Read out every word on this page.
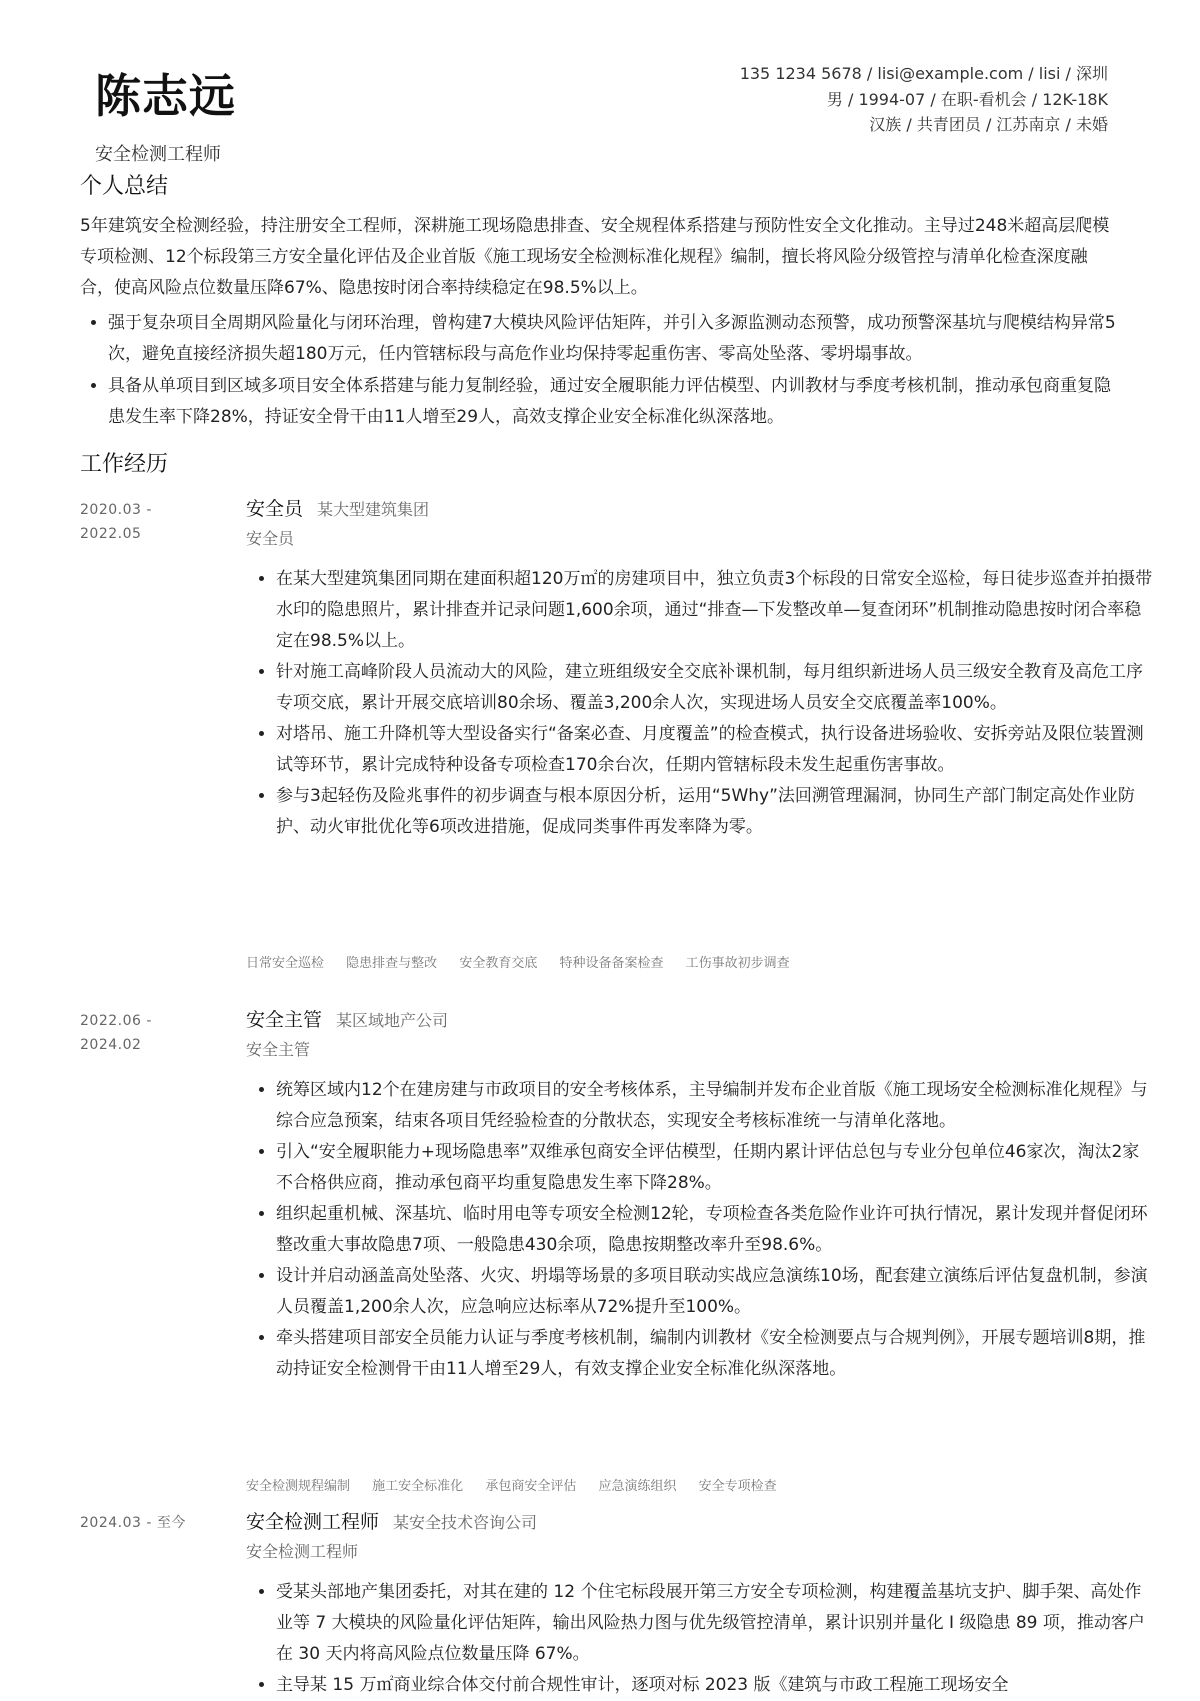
陈志远
安全检测工程师
135 1234 5678 / lisi@example.com / lisi / 深圳
男 / 1994-07 / 在职-看机会 / 12K-18K
汉族 / 共青团员 / 江苏南京 / 未婚
个人总结

5年建筑安全检测经验，持注册安全工程师，深耕施工现场隐患排查、安全规程体系搭建与预防性安全文化推动。主导过248米超高层爬模专项检测、12个标段第三方安全量化评估及企业首版《施工现场安全检测标准化规程》编制，擅长将风险分级管控与清单化检查深度融合，使高风险点位数量压降67%、隐患按时闭合率持续稳定在98.5%以上。

• 强于复杂项目全周期风险量化与闭环治理，曾构建7大模块风险评估矩阵，并引入多源监测动态预警，成功预警深基坑与爬模结构异常5次，避免直接经济损失超180万元，任内管辖标段与高危作业均保持零起重伤害、零高处坠落、零坍塌事故。
• 具备从单项目到区域多项目安全体系搭建与能力复制经验，通过安全履职能力评估模型、内训教材与季度考核机制，推动承包商重复隐患发生率下降28%，持证安全骨干由11人增至29人，高效支撑企业安全标准化纵深落地。
工作经历
2020.03 -
2022.05
安全员 某大型建筑集团
安全员
• 在某大型建筑集团同期在建面积超120万㎡的房建项目中，独立负责3个标段的日常安全巡检，每日徒步巡查并拍摄带水印的隐患照片，累计排查并记录问题1,600余项，通过“排查—下发整改单—复查闭环”机制推动隐患按时闭合率稳定在98.5%以上。
• 针对施工高峰阶段人员流动大的风险，建立班组级安全交底补课机制，每月组织新进场人员三级安全教育及高危工序专项交底，累计开展交底培训80余场、覆盖3,200余人次，实现进场人员安全交底覆盖率100%。
• 对塔吊、施工升降机等大型设备实行“备案必查、月度覆盖”的检查模式，执行设备进场验收、安拆旁站及限位装置测试等环节，累计完成特种设备专项检查170余台次，任期内管辖标段未发生起重伤害事故。
• 参与3起轻伤及险兆事件的初步调查与根本原因分析，运用“5Why”法回溯管理漏洞，协同生产部门制定高处作业防护、动火审批优化等6项改进措施，促成同类事件再发率降为零。
日常安全巡检 隐患排查与整改 安全教育交底 特种设备备案检查 工伤事故初步调查
2022.06 -
2024.02
安全主管 某区域地产公司
安全主管
• 统筹区域内12个在建房建与市政项目的安全考核体系，主导编制并发布企业首版《施工现场安全检测标准化规程》与综合应急预案，结束各项目凭经验检查的分散状态，实现安全考核标准统一与清单化落地。
• 引入“安全履职能力+现场隐患率”双维承包商安全评估模型，任期内累计评估总包与专业分包单位46家次，淘汰2家不合格供应商，推动承包商平均重复隐患发生率下降28%。
• 组织起重机械、深基坑、临时用电等专项安全检测12轮，专项检查各类危险作业许可执行情况，累计发现并督促闭环整改重大事故隐患7项、一般隐患430余项，隐患按期整改率升至98.6%。
• 设计并启动涵盖高处坠落、火灾、坍塌等场景的多项目联动实战应急演练10场，配套建立演练后评估复盘机制，参演人员覆盖1,200余人次，应急响应达标率从72%提升至100%。
• 牵头搭建项目部安全员能力认证与季度考核机制，编制内训教材《安全检测要点与合规判例》，开展专题培训8期，推动持证安全检测骨干由11人增至29人，有效支撑企业安全标准化纵深落地。
安全检测规程编制 施工安全标准化 承包商安全评估 应急演练组织 安全专项检查
2024.03 - 至今	安全检测工程师 某安全技术咨询公司
安全检测工程师
• 受某头部地产集团委托，对其在建的 12 个住宅标段展开第三方安全专项检测，构建覆盖基坑支护、脚手架、高处作业等 7 大模块的风险量化评估矩阵，输出风险热力图与优先级管控清单，累计识别并量化 I 级隐患 89 项，推动客户在 30 天内将高风险点位数量压降 67%。
• 主导某 15 万㎡商业综合体交付前合规性审计，逐项对标 2023 版《建筑与市政工程施工现场安全
